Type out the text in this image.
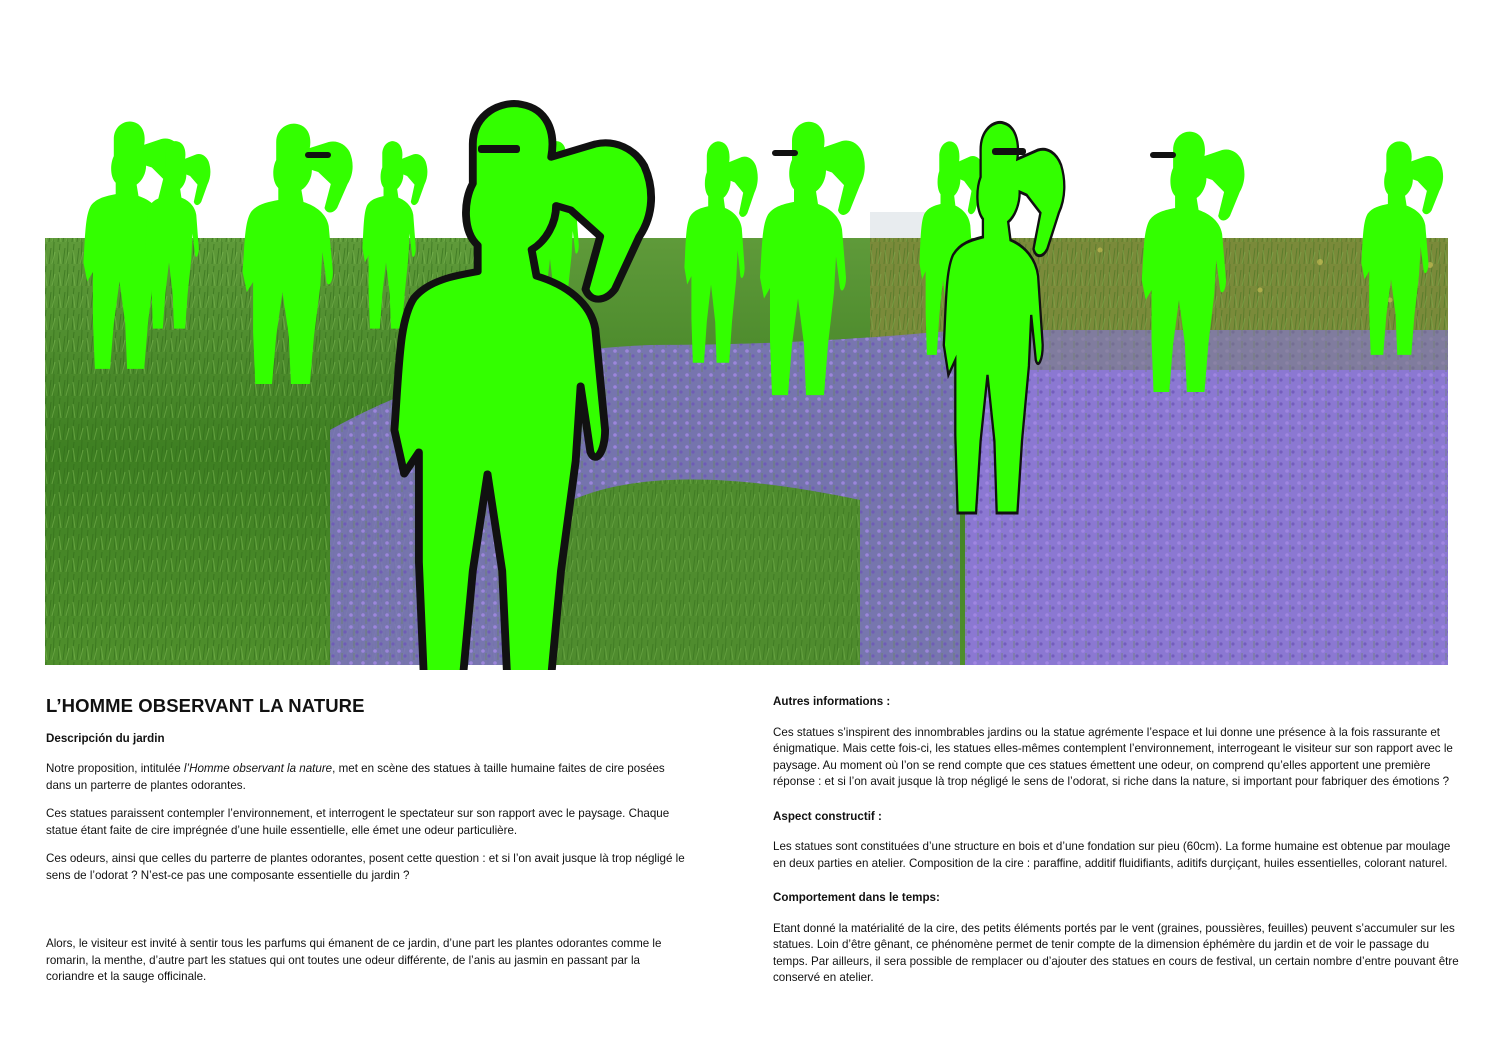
L’HOMME OBSERVANT LA NATURE
Descripción du jardin

Notre proposition, intitulée l’Homme observant la nature, met en scène des statues à taille humaine faites de cire posées dans un parterre de plantes odorantes.

Ces statues paraissent contempler l’environnement, et interrogent le spectateur sur son rapport avec le paysage. Chaque statue étant faite de cire imprégnée d’une huile essentielle, elle émet une odeur particulière.

Ces odeurs, ainsi que celles du parterre de plantes odorantes, posent cette question : et si l’on avait jusque là trop négligé le sens de l’odorat ? N’est-ce pas une composante essentielle du jardin ?

Alors, le visiteur est invité à sentir tous les parfums qui émanent de ce jardin, d’une part les plantes odorantes comme le romarin, la menthe, d’autre part les statues qui ont toutes une odeur différente, de l’anis au jasmin en passant par la coriandre et la sauge officinale.

Autres informations :

Ces statues s’inspirent des innombrables jardins ou la statue agrémente l’espace et lui donne une présence à la fois rassurante et énigmatique. Mais cette fois-ci, les statues elles-mêmes contemplent l’environnement, interrogeant le visiteur sur son rapport avec le paysage. Au moment où l’on se rend compte que ces statues émettent une odeur, on comprend qu’elles apportent une première réponse : et si l’on avait jusque là trop négligé le sens de l’odorat, si riche dans la nature, si important pour fabriquer des émotions ?

Aspect constructif :

Les statues sont constituées d’une structure en bois et d’une fondation sur pieu (60cm). La forme humaine est obtenue par moulage en deux parties en atelier. Composition de la cire : paraffine, additif fluidifiants, aditifs durçiçant, huiles essentielles, colorant naturel.

Comportement dans le temps:

Etant donné la matérialité de la cire, des petits éléments portés par le vent (graines, poussières, feuilles) peuvent s’accumuler sur les statues. Loin d’être gênant, ce phénomène permet de tenir compte de la dimension éphémère du jardin et de voir le passage du temps. Par ailleurs, il sera possible de remplacer ou d’ajouter des statues en cours de festival, un certain nombre d’entre pouvant être conservé en atelier.
